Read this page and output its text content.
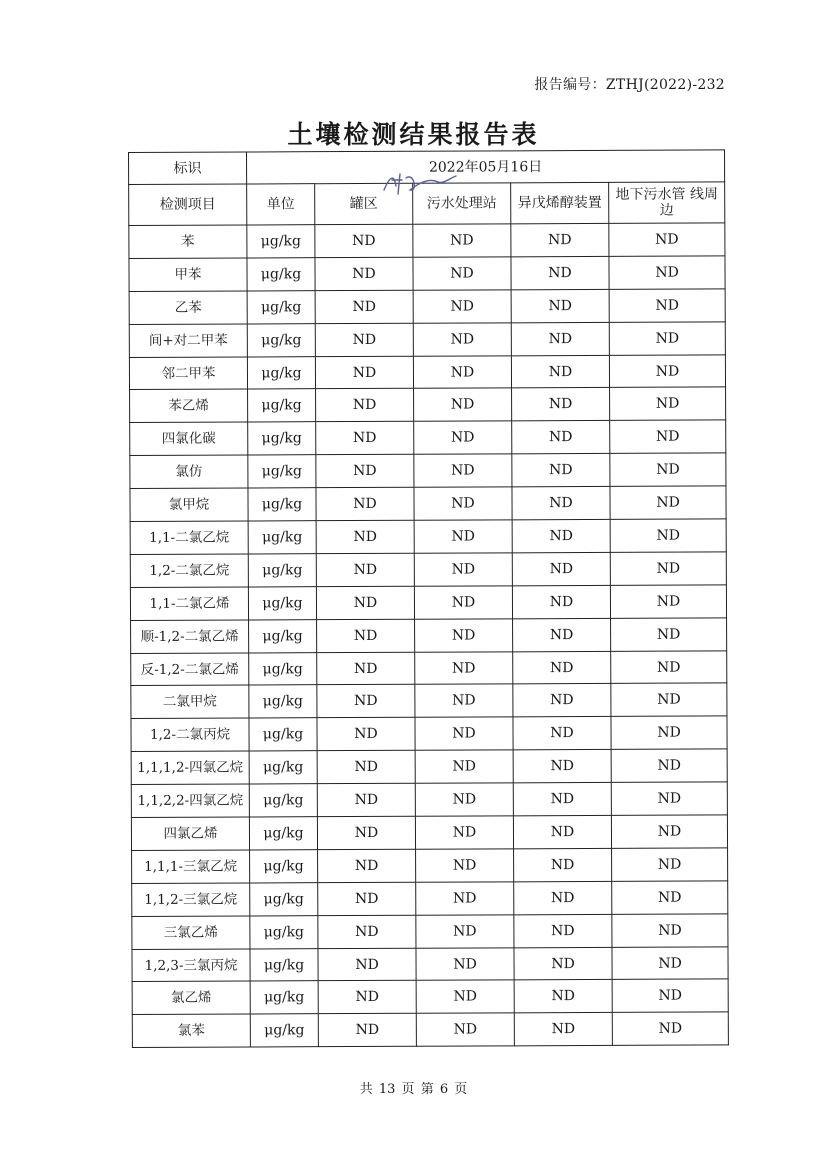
报告编号：ZTHJ(2022)-232
土壤检测结果报告表
标识	2022年05月16日				
检测项目	单位	罐区	污水处理站	异戊烯醇装置	地下污水管 线周边
苯	μg/kg	ND	ND	ND	ND
甲苯	μg/kg	ND	ND	ND	ND
乙苯	μg/kg	ND	ND	ND	ND
间+对二甲苯	μg/kg	ND	ND	ND	ND
邻二甲苯	μg/kg	ND	ND	ND	ND
苯乙烯	μg/kg	ND	ND	ND	ND
四氯化碳	μg/kg	ND	ND	ND	ND
氯仿	μg/kg	ND	ND	ND	ND
氯甲烷	μg/kg	ND	ND	ND	ND
1,1-二氯乙烷	μg/kg	ND	ND	ND	ND
1,2-二氯乙烷	μg/kg	ND	ND	ND	ND
1,1-二氯乙烯	μg/kg	ND	ND	ND	ND
顺-1,2-二氯乙烯	μg/kg	ND	ND	ND	ND
反-1,2-二氯乙烯	μg/kg	ND	ND	ND	ND
二氯甲烷	μg/kg	ND	ND	ND	ND
1,2-二氯丙烷	μg/kg	ND	ND	ND	ND
1,1,1,2-四氯乙烷	μg/kg	ND	ND	ND	ND
1,1,2,2-四氯乙烷	μg/kg	ND	ND	ND	ND
四氯乙烯	μg/kg	ND	ND	ND	ND
1,1,1-三氯乙烷	μg/kg	ND	ND	ND	ND
1,1,2-三氯乙烷	μg/kg	ND	ND	ND	ND
三氯乙烯	μg/kg	ND	ND	ND	ND
1,2,3-三氯丙烷	μg/kg	ND	ND	ND	ND
氯乙烯	μg/kg	ND	ND	ND	ND
氯苯	μg/kg	ND	ND	ND	ND
共 13 页 第 6 页
